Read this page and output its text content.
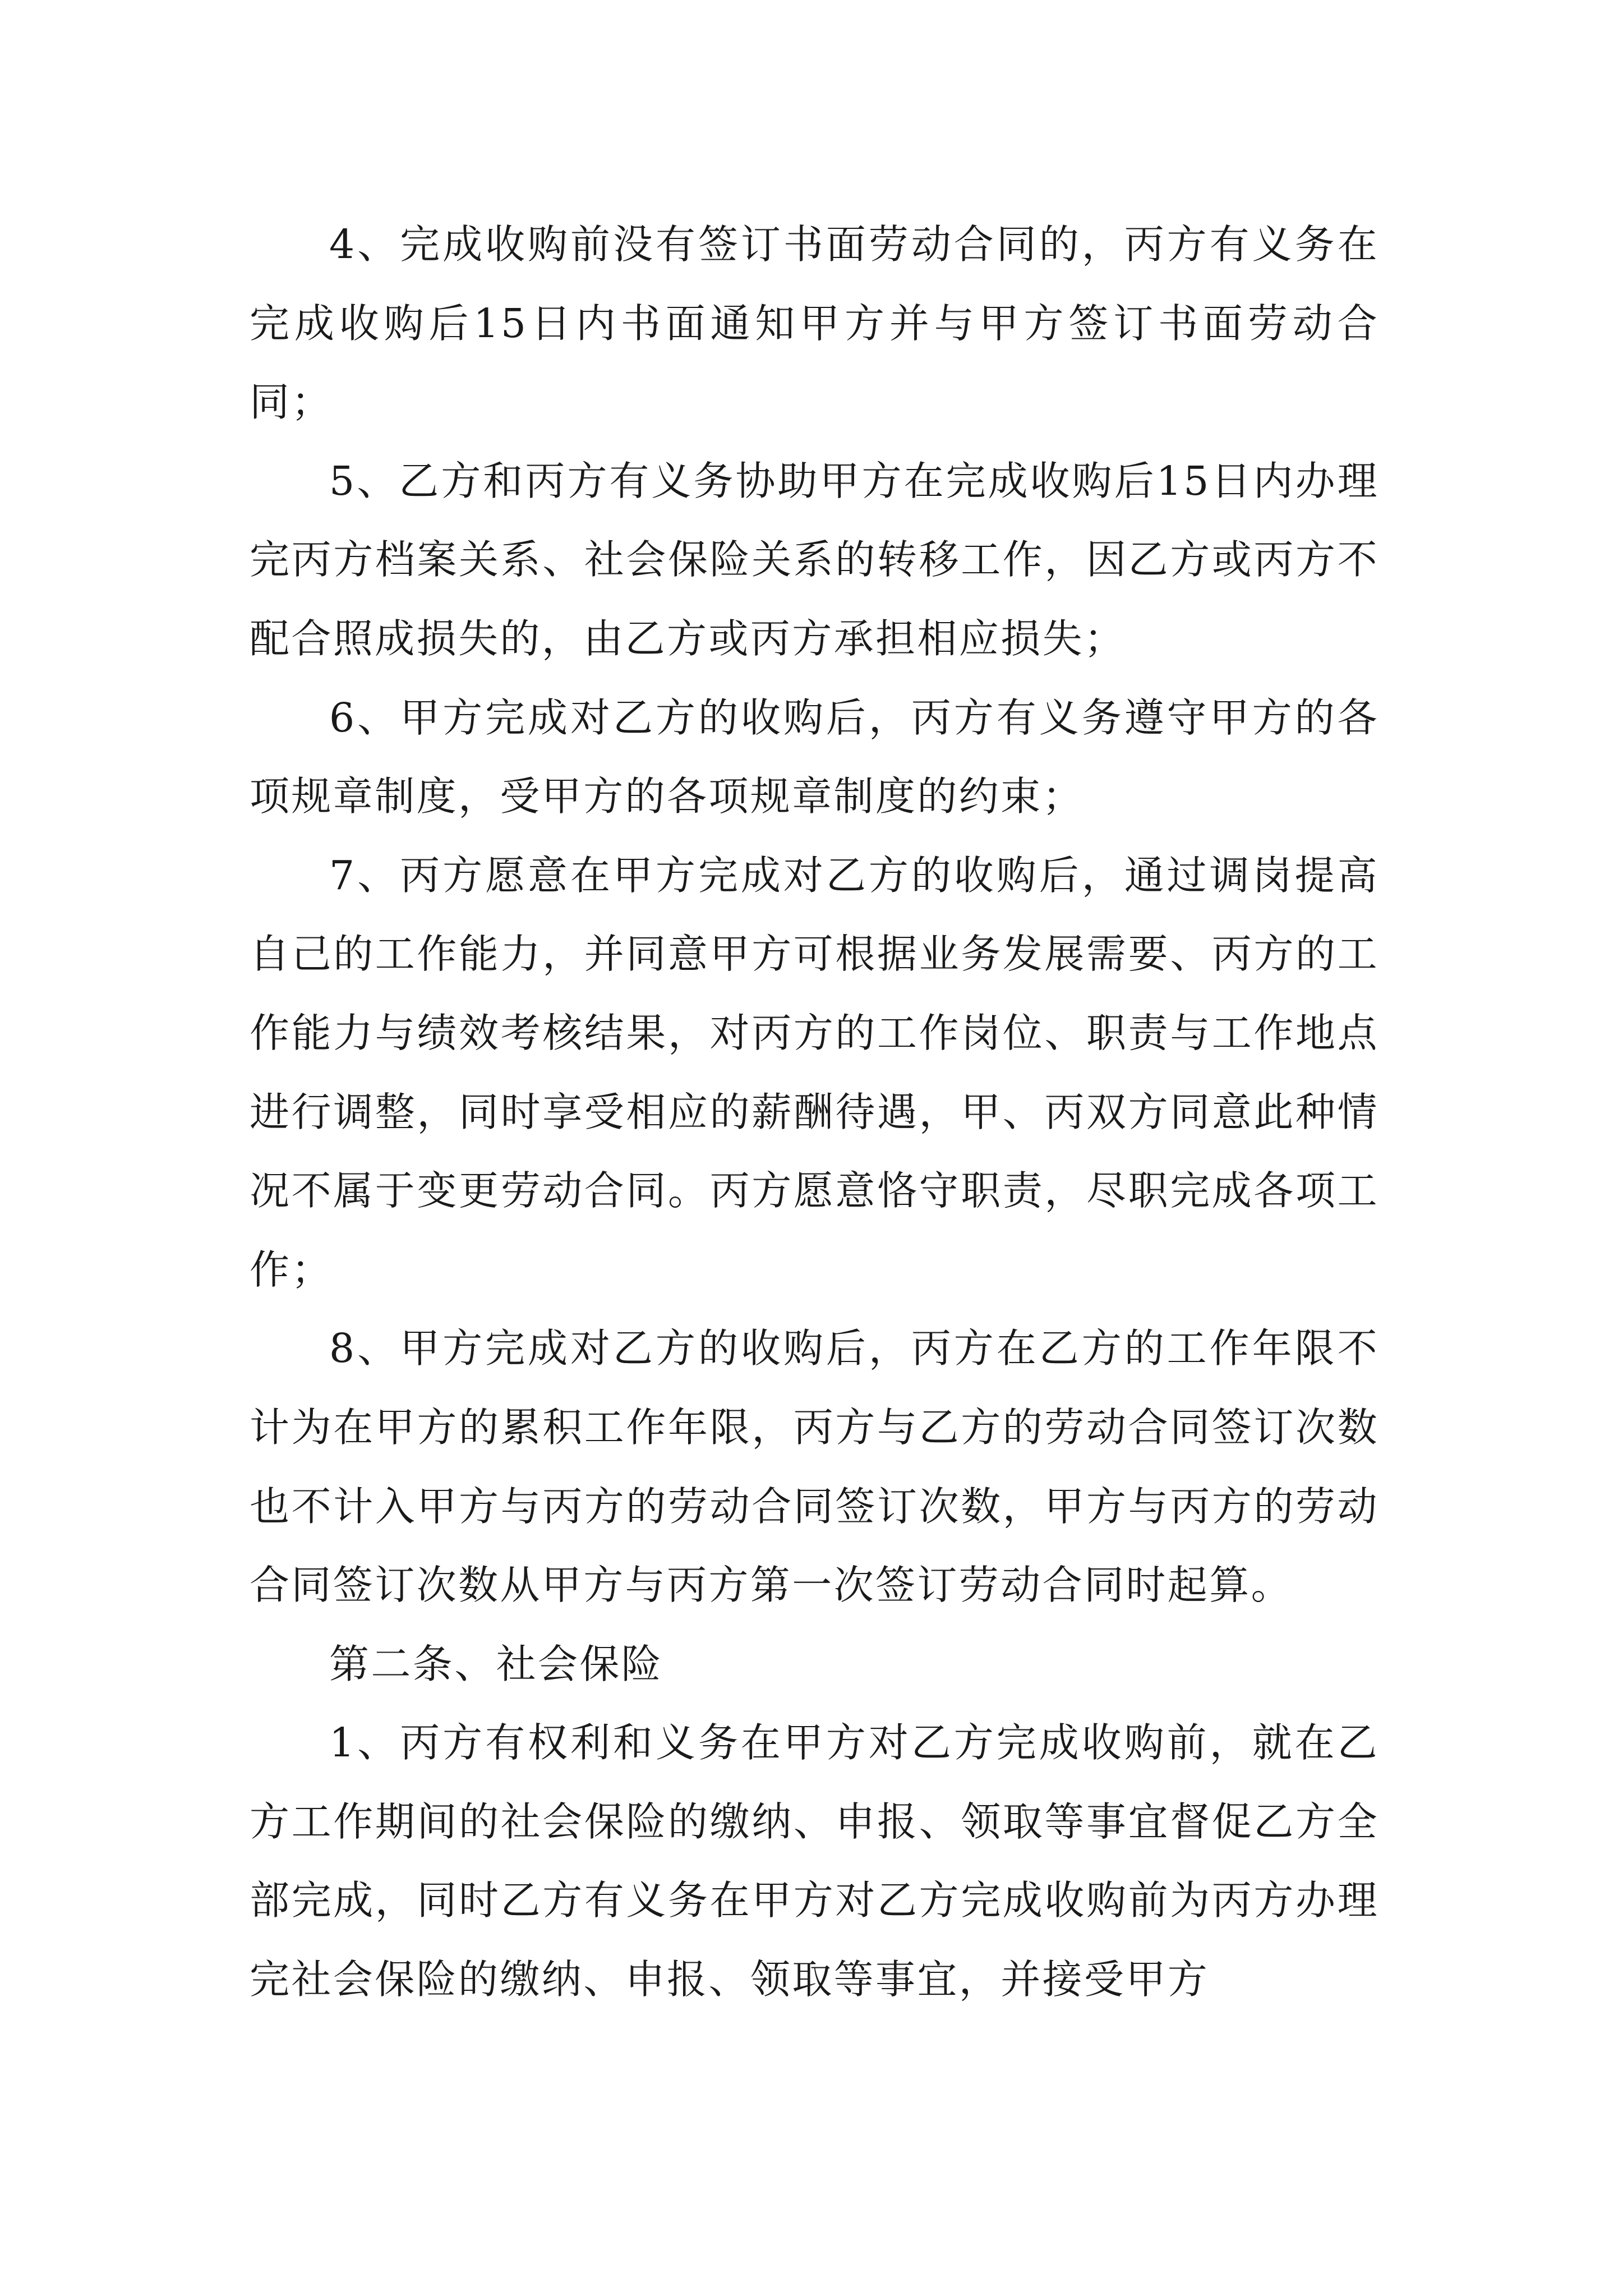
4、完成收购前没有签订书面劳动合同的，丙方有义务在完成收购后15日内书面通知甲方并与甲方签订书面劳动合同；

5、乙方和丙方有义务协助甲方在完成收购后15日内办理完丙方档案关系、社会保险关系的转移工作，因乙方或丙方不配合照成损失的，由乙方或丙方承担相应损失；

6、甲方完成对乙方的收购后，丙方有义务遵守甲方的各项规章制度，受甲方的各项规章制度的约束；

7、丙方愿意在甲方完成对乙方的收购后，通过调岗提高自己的工作能力，并同意甲方可根据业务发展需要、丙方的工作能力与绩效考核结果，对丙方的工作岗位、职责与工作地点进行调整，同时享受相应的薪酬待遇，甲、丙双方同意此种情况不属于变更劳动合同。丙方愿意恪守职责，尽职完成各项工作；

8、甲方完成对乙方的收购后，丙方在乙方的工作年限不计为在甲方的累积工作年限，丙方与乙方的劳动合同签订次数也不计入甲方与丙方的劳动合同签订次数，甲方与丙方的劳动合同签订次数从甲方与丙方第一次签订劳动合同时起算。

第二条、社会保险

1、丙方有权利和义务在甲方对乙方完成收购前，就在乙方工作期间的社会保险的缴纳、申报、领取等事宜督促乙方全部完成，同时乙方有义务在甲方对乙方完成收购前为丙方办理完社会保险的缴纳、申报、领取等事宜，并接受甲方
